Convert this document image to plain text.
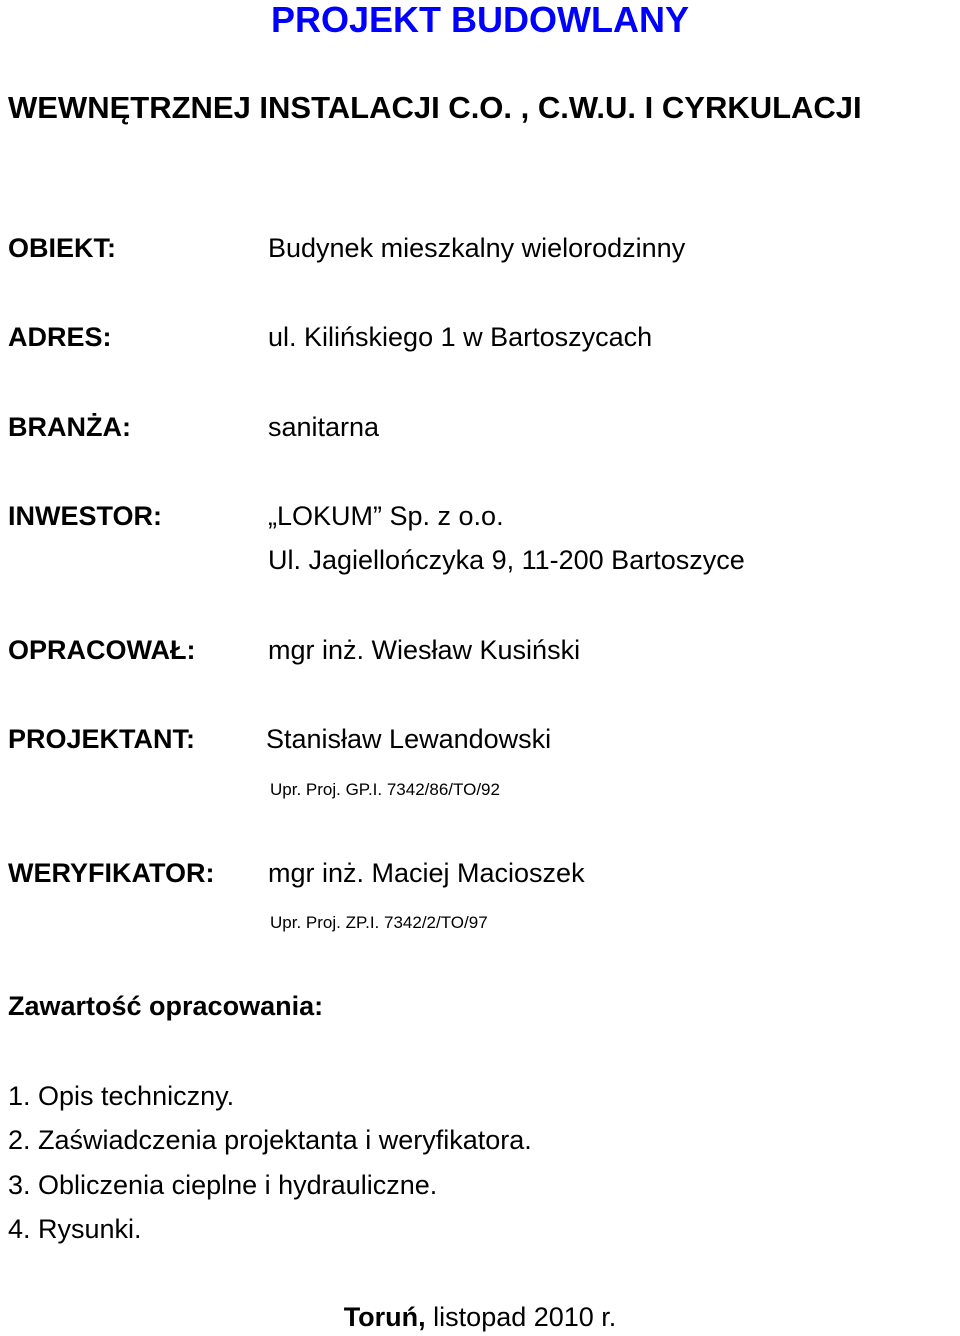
PROJEKT BUDOWLANY
WEWNĘTRZNEJ INSTALACJI C.O. , C.W.U. I CYRKULACJI
OBIEKT:	Budynek mieszkalny wielorodzinny
ADRES:	ul. Kilińskiego 1 w Bartoszycach
BRANŻA:	sanitarna
INWESTOR:	„LOKUM” Sp. z o.o.
Ul. Jagiellończyka 9, 11-200 Bartoszyce
OPRACOWAŁ:	mgr inż. Wiesław Kusiński
PROJEKTANT:	Stanisław Lewandowski
Upr. Proj. GP.I. 7342/86/TO/92
WERYFIKATOR: mgr inż. Maciej Macioszek
Upr. Proj. ZP.I. 7342/2/TO/97
Zawartość opracowania:
1. Opis techniczny.
2. Zaświadczenia projektanta i weryfikatora.
3. Obliczenia cieplne i hydrauliczne.
4. Rysunki.
Toruń, listopad 2010 r.
